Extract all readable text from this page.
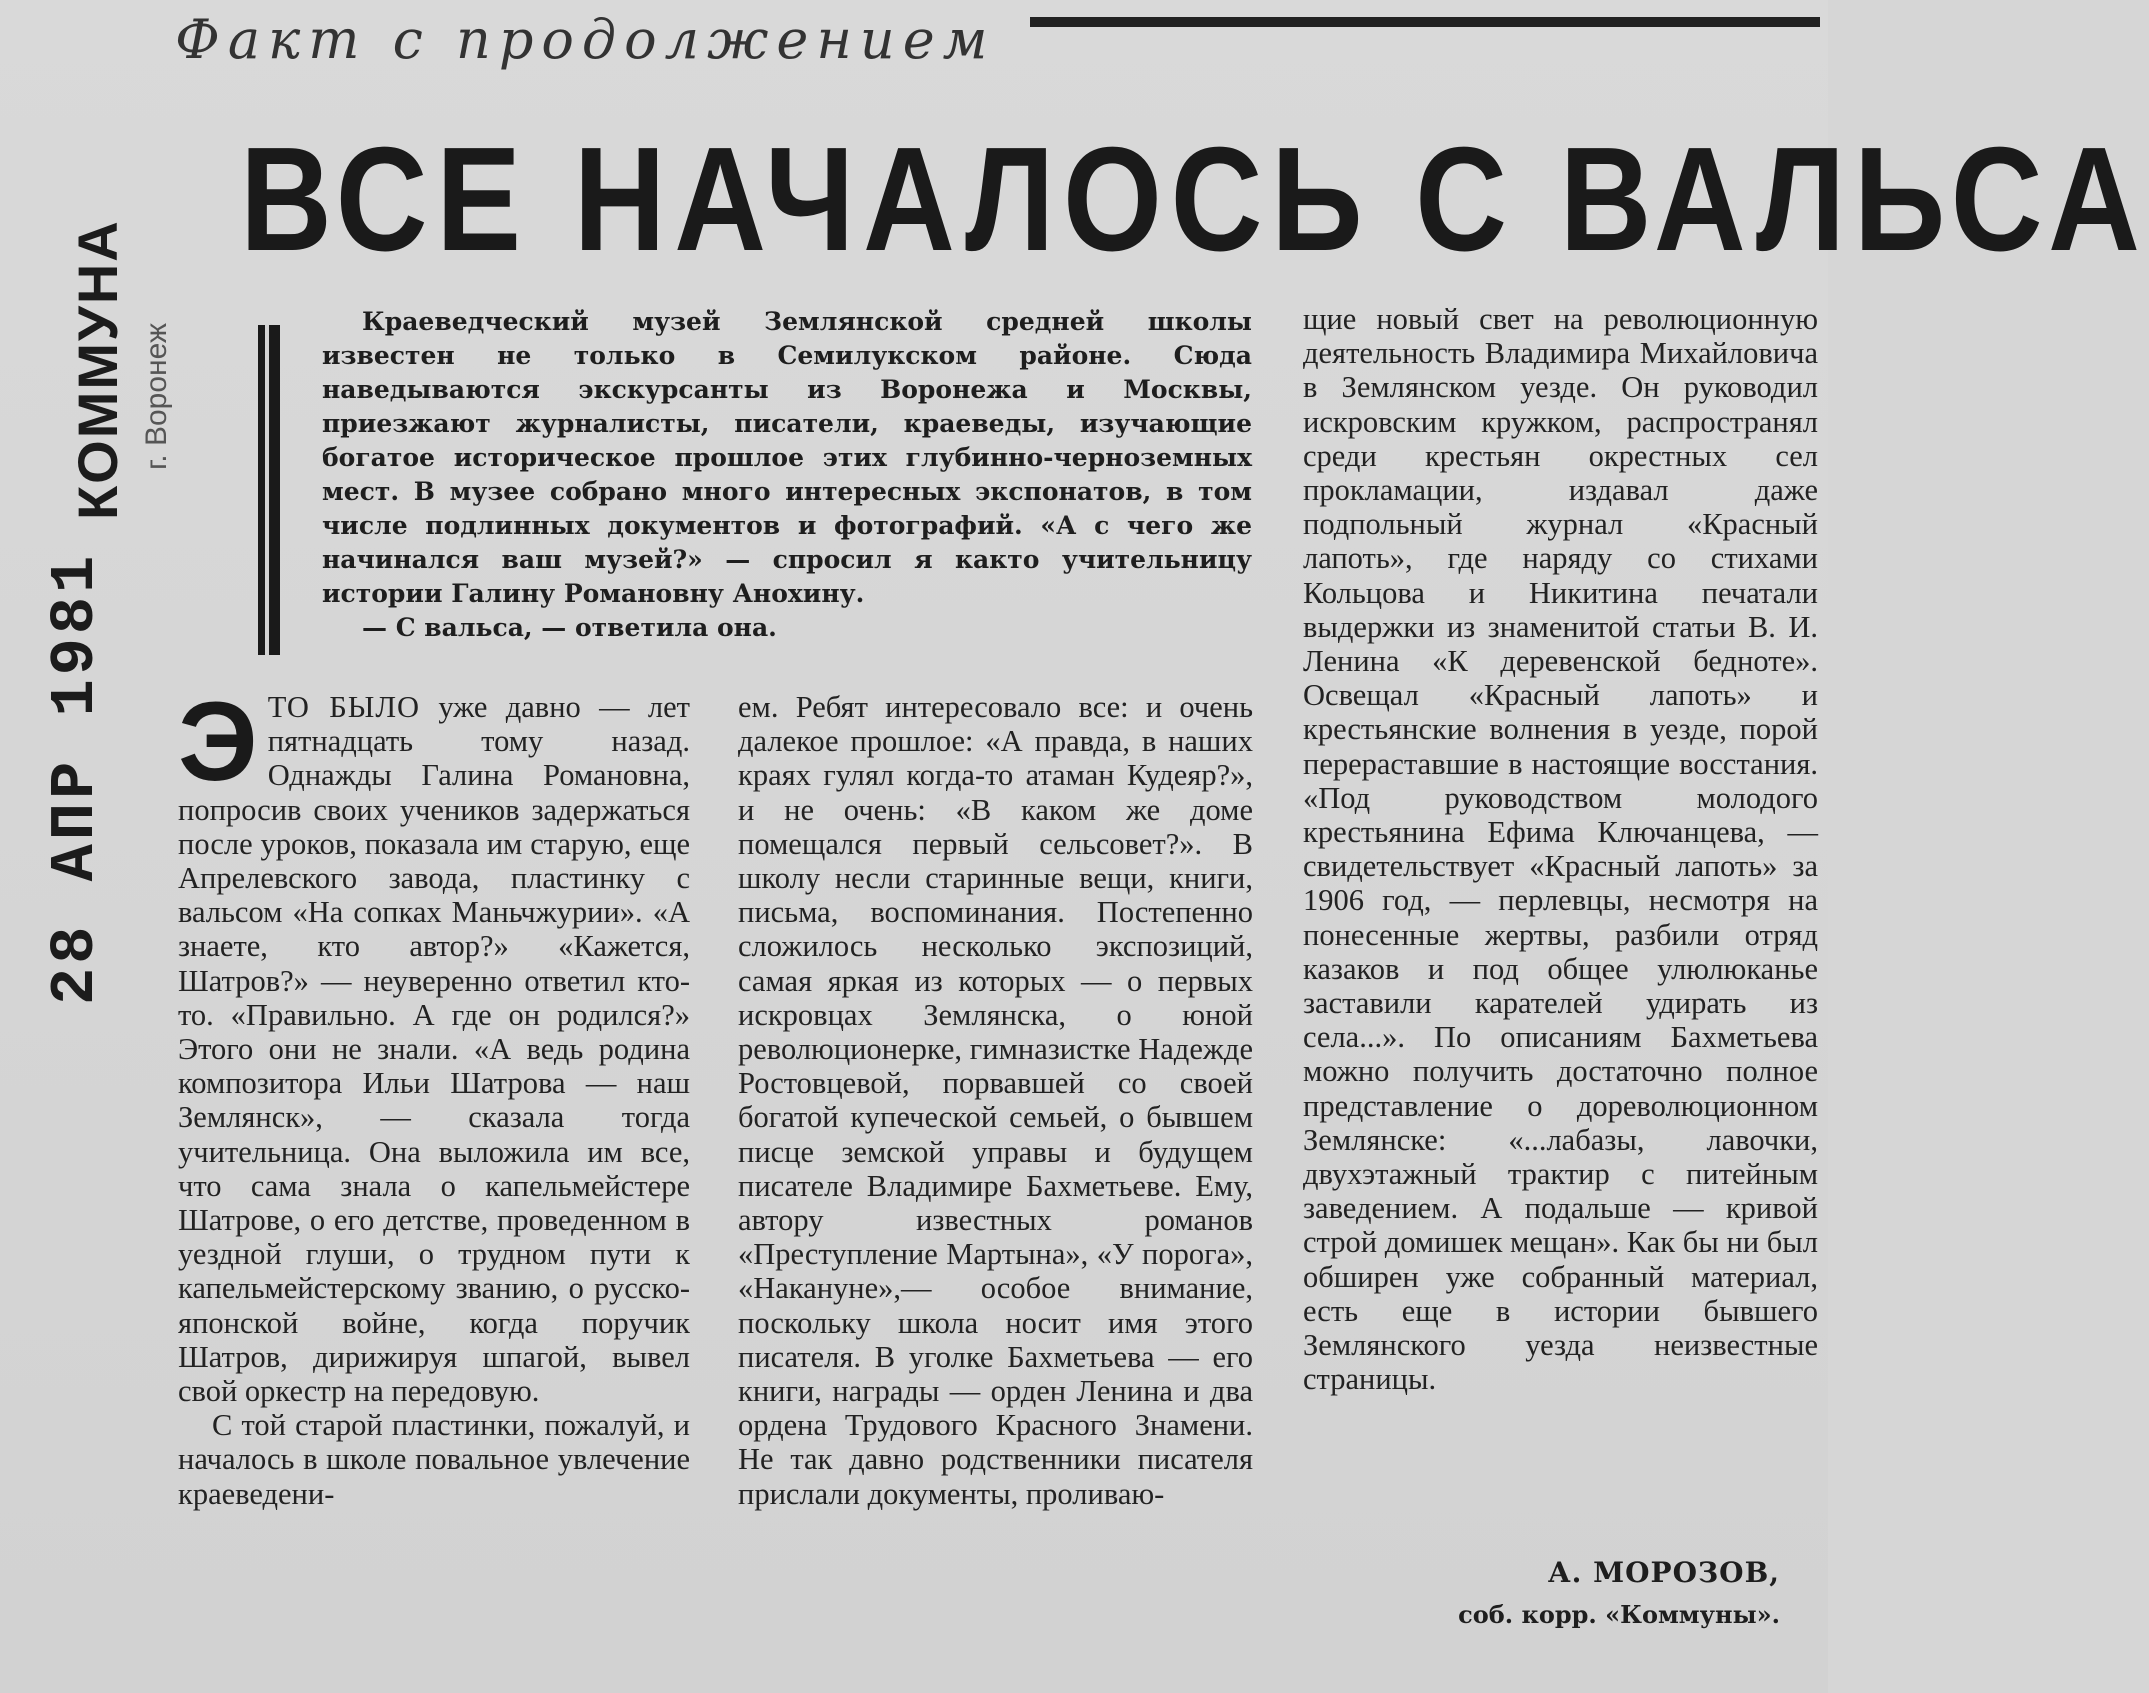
КОММУНА г. Воронеж
28 АПР 1981
Факт с продолжением
ВСЕ НАЧАЛОСЬ С ВАЛЬСА

Краеведческий музей Землянской средней школы известен не только в Семилукском районе. Сюда наведываются экскурсанты из Воронежа и Москвы, приезжают журналисты, писатели, краеведы, изучающие богатое историческое прошлое этих глубинно-черноземных мест. В музее собрано много интересных экспонатов, в том числе подлинных документов и фотографий. «А с чего же начинался ваш музей?» — спросил я както учительницу истории Галину Романовну Анохину.

— С вальса, — ответила она.

ЭТО БЫЛО уже давно — лет пятнадцать тому назад. Однажды Галина Романовна, попросив своих учеников задержаться после уроков, показала им старую, еще Апрелевского завода, пластинку с вальсом «На сопках Маньчжурии». «А знаете, кто автор?» «Кажется, Шатров?» — неуверенно ответил кто-то. «Правильно. А где он родился?» Этого они не знали. «А ведь родина композитора Ильи Шатрова — наш Землянск», — сказала тогда учительница. Она выложила им все, что сама знала о капельмейстере Шатрове, о его детстве, проведенном в уездной глуши, о трудном пути к капельмейстерскому званию, о русско-японской войне, когда поручик Шатров, дирижируя шпагой, вывел свой оркестр на передовую.

С той старой пластинки, пожалуй, и началось в школе повальное увлечение краеведени-

ем. Ребят интересовало все: и очень далекое прошлое: «А правда, в наших краях гулял когда-то атаман Кудеяр?», и не очень: «В каком же доме помещался первый сельсовет?». В школу несли старинные вещи, книги, письма, воспоминания. Постепенно сложилось несколько экспозиций, самая яркая из которых — о первых искровцах Землянска, о юной революционерке, гимназистке Надежде Ростовцевой, порвавшей со своей богатой купеческой семьей, о бывшем писце земской управы и будущем писателе Владимире Бахметьеве. Ему, автору известных романов «Преступление Мартына», «У порога», «Накануне»,— особое внимание, поскольку школа носит имя этого писателя. В уголке Бахметьева — его книги, награды — орден Ленина и два ордена Трудового Красного Знамени. Не так давно родственники писателя прислали документы, проливаю-

щие новый свет на революционную деятельность Владимира Михайловича в Землянском уезде. Он руководил искровским кружком, распространял среди крестьян окрестных сел прокламации, издавал даже подпольный журнал «Красный лапоть», где наряду со стихами Кольцова и Никитина печатали выдержки из знаменитой статьи В. И. Ленина «К деревенской бедноте». Освещал «Красный лапоть» и крестьянские волнения в уезде, порой перераставшие в настоящие восстания. «Под руководством молодого крестьянина Ефима Ключанцева, — свидетельствует «Красный лапоть» за 1906 год, — перлевцы, несмотря на понесенные жертвы, разбили отряд казаков и под общее улюлюканье заставили карателей удирать из села...». По описаниям Бахметьева можно получить достаточно полное представление о дореволюционном Землянске: «...лабазы, лавочки, двухэтажный трактир с питейным заведением. А подальше — кривой строй домишек мещан». Как бы ни был обширен уже собранный материал, есть еще в истории бывшего Землянского уезда неизвестные страницы.

А. МОРОЗОВ,
соб. корр. «Коммуны».
